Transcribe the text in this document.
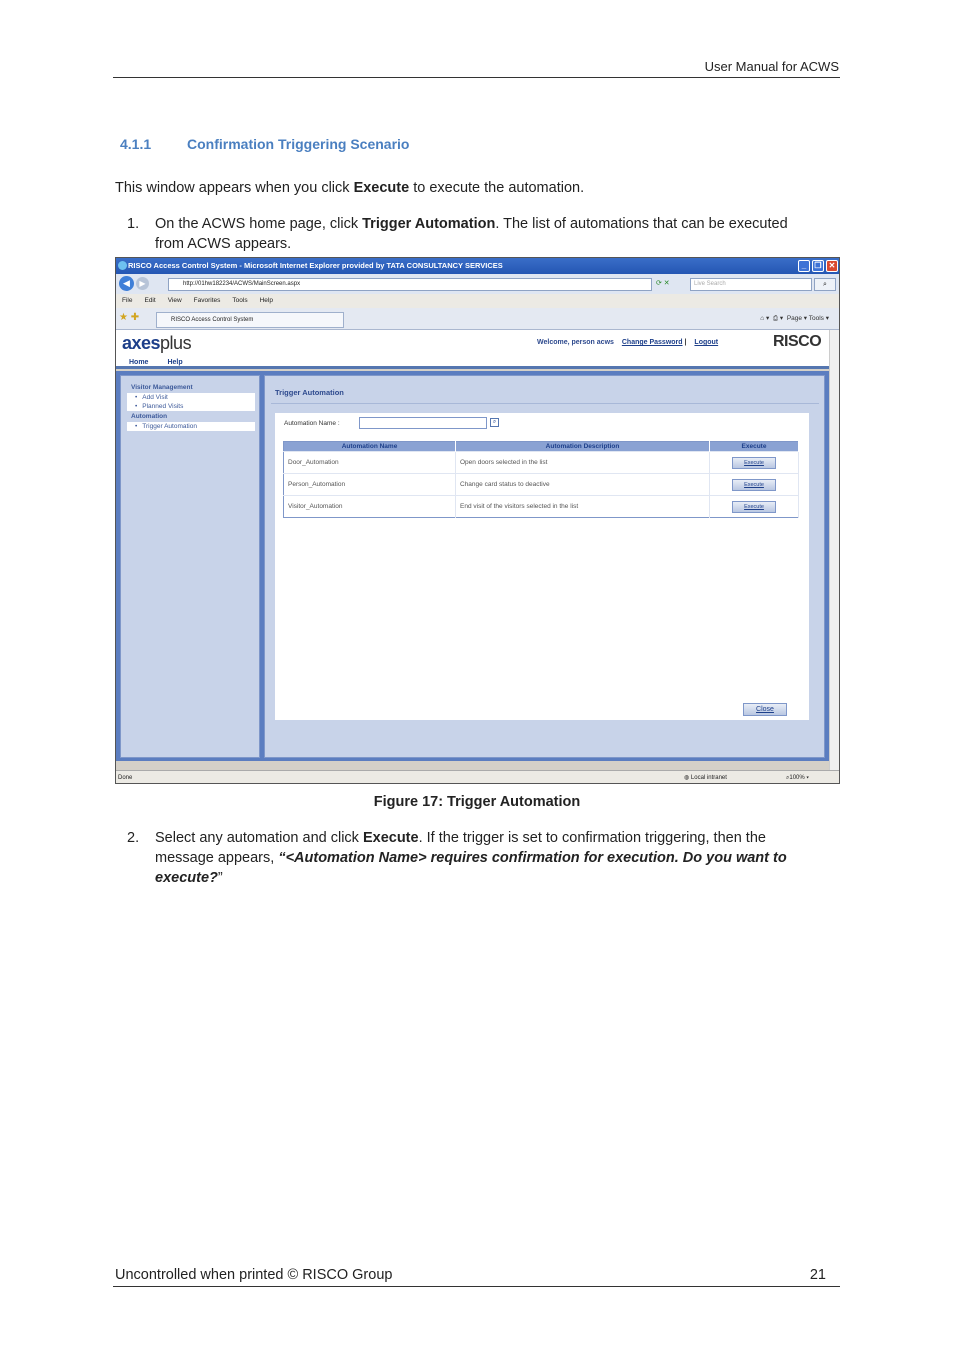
User Manual for ACWS
4.1.1	Confirmation Triggering Scenario
This window appears when you click Execute to execute the automation.
1. On the ACWS home page, click Trigger Automation. The list of automations that can be executed from ACWS appears.
RISCO Access Control System - Microsoft Internet Explorer provided by TATA CONSULTANCY SERVICES	_	❐ ✕
◀	▶	http://01hw182234/ACWS/MainScreen.aspx	⟳ ✕	Live Search	⌕
File Edit View Favorites Tools Help
★ ✚	RISCO Access Control System	⌂ ▾ ⎙ ▾ Page ▾ Tools ▾
axesplus	Welcome, person acws Change Password | Logout	RISCO
Home	Help
Visitor Management
• Add Visit
• Planned Visits
Automation
• Trigger Automation
Trigger Automation
Automation Name :	⌕
Automation Name	Automation Description	Execute
Door_Automation	Open doors selected in the list	Execute
Person_Automation	Change card status to deactive	Execute
Visitor_Automation	End visit of the visitors selected in the list	Execute
Close
Done	◍ Local intranet	⌕100% ▾
Figure 17: Trigger Automation
2. Select any automation and click Execute. If the trigger is set to confirmation triggering, then the message appears, “<Automation Name> requires confirmation for execution. Do you want to execute?”
Uncontrolled when printed © RISCO Group	21
